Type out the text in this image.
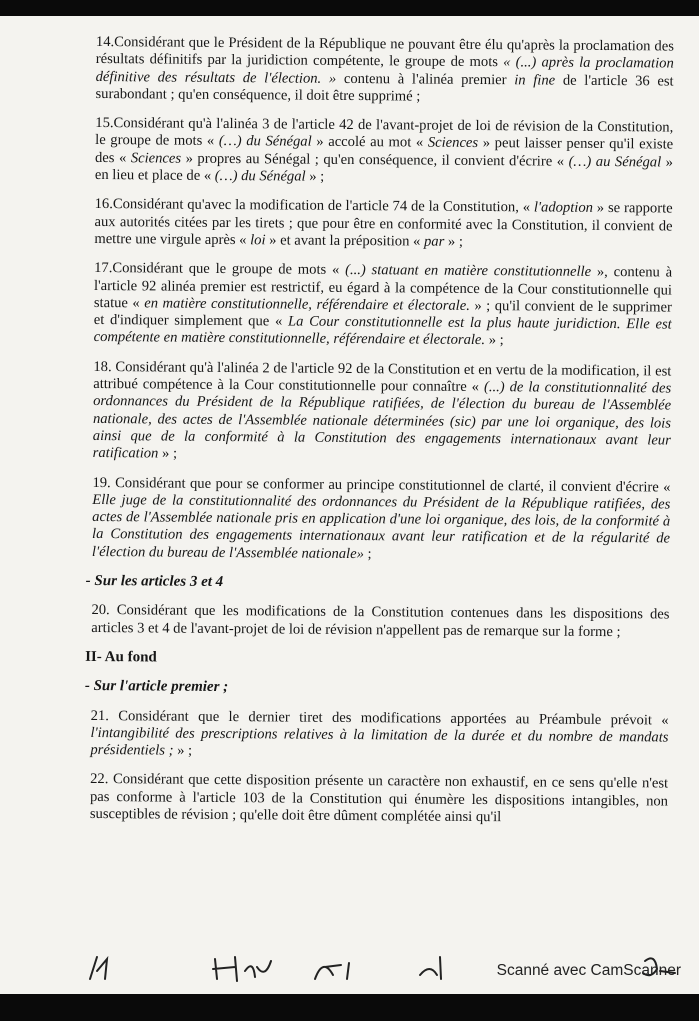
14.Considérant que le Président de la République ne pouvant être élu qu'après la proclamation des résultats définitifs par la juridiction compétente, le groupe de mots « (...) après la proclamation définitive des résultats de l'élection. » contenu à l'alinéa premier in fine de l'article 36 est surabondant ; qu'en conséquence, il doit être supprimé ;
15.Considérant qu'à l'alinéa 3 de l'article 42 de l'avant-projet de loi de révision de la Constitution, le groupe de mots « (…) du Sénégal » accolé au mot « Sciences » peut laisser penser qu'il existe des « Sciences » propres au Sénégal ; qu'en conséquence, il convient d'écrire « (…) au Sénégal » en lieu et place de « (…) du Sénégal » ;
16.Considérant qu'avec la modification de l'article 74 de la Constitution, « l'adoption » se rapporte aux autorités citées par les tirets ; que pour être en conformité avec la Constitution, il convient de mettre une virgule après « loi » et avant la préposition « par » ;
17.Considérant que le groupe de mots « (...) statuant en matière constitutionnelle », contenu à l'article 92 alinéa premier est restrictif, eu égard à la compétence de la Cour constitutionnelle qui statue « en matière constitutionnelle, référendaire et électorale. » ; qu'il convient de le supprimer et d'indiquer simplement que « La Cour constitutionnelle est la plus haute juridiction. Elle est compétente en matière constitutionnelle, référendaire et électorale. » ;
18. Considérant qu'à l'alinéa 2 de l'article 92 de la Constitution et en vertu de la modification, il est attribué compétence à la Cour constitutionnelle pour connaître « (...) de la constitutionnalité des ordonnances du Président de la République ratifiées, de l'élection du bureau de l'Assemblée nationale, des actes de l'Assemblée nationale déterminées (sic) par une loi organique, des lois ainsi que de la conformité à la Constitution des engagements internationaux avant leur ratification » ;
19. Considérant que pour se conformer au principe constitutionnel de clarté, il convient d'écrire « Elle juge de la constitutionnalité des ordonnances du Président de la République ratifiées, des actes de l'Assemblée nationale pris en application d'une loi organique, des lois, de la conformité à la Constitution des engagements internationaux avant leur ratification et de la régularité de l'élection du bureau de l'Assemblée nationale» ;
- Sur les articles 3 et 4
20. Considérant que les modifications de la Constitution contenues dans les dispositions des articles 3 et 4 de l'avant-projet de loi de révision n'appellent pas de remarque sur la forme ;
II- Au fond
- Sur l'article premier ;
21. Considérant que le dernier tiret des modifications apportées au Préambule prévoit « l'intangibilité des prescriptions relatives à la limitation de la durée et du nombre de mandats présidentiels ; » ;
22. Considérant que cette disposition présente un caractère non exhaustif, en ce sens qu'elle n'est pas conforme à l'article 103 de la Constitution qui énumère les dispositions intangibles, non susceptibles de révision ; qu'elle doit être dûment complétée ainsi qu'il
Scanné avec CamScanner
